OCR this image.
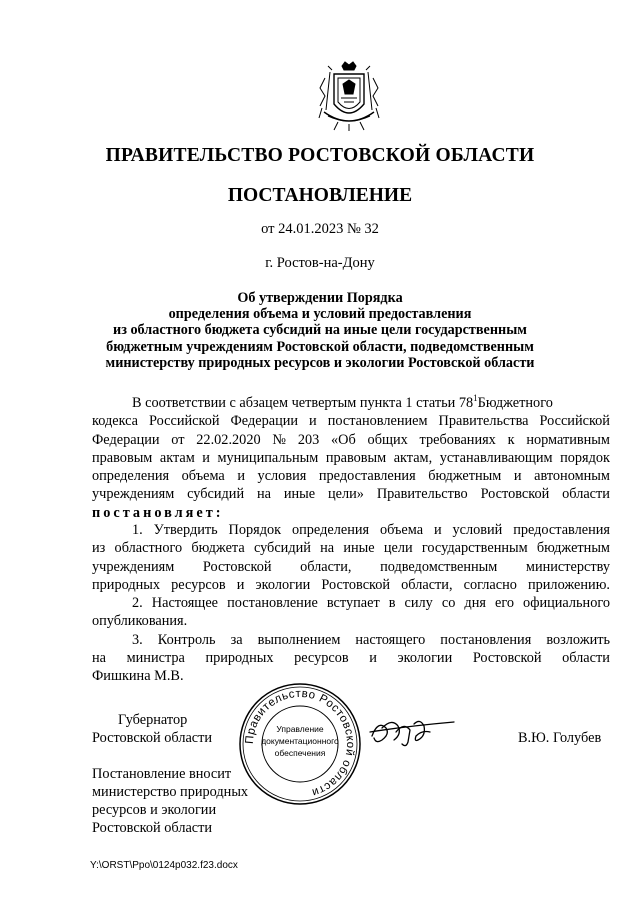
ПРАВИТЕЛЬСТВО РОСТОВСКОЙ ОБЛАСТИ
ПОСТАНОВЛЕНИЕ
от 24.01.2023 № 32
г. Ростов-на-Дону
Об утверждении Порядка
определения объема и условий предоставления
из областного бюджета субсидий на иные цели государственным
бюджетным учреждениям Ростовской области, подведомственным
министерству природных ресурсов и экологии Ростовской области
В соответствии с абзацем четвертым пункта 1 статьи 781Бюджетного
кодекса Российской Федерации и постановлением Правительства Российской
Федерации от 22.02.2020 № 203 «Об общих требованиях к нормативным
правовым актам и муниципальным правовым актам, устанавливающим порядок
определения объема и условия предоставления бюджетным и автономным
учреждениям субсидий на иные цели» Правительство Ростовской области
постановляет:
1. Утвердить Порядок определения объема и условий предоставления
из областного бюджета субсидий на иные цели государственным бюджетным
учреждениям Ростовской области, подведомственным министерству
природных ресурсов и экологии Ростовской области, согласно приложению.
2. Настоящее постановление вступает в силу со дня его официального
опубликования.
3. Контроль за выполнением настоящего постановления возложить
на министра природных ресурсов и экологии Ростовской области
Фишкина М.В.
Губернатор
Ростовской области	В.Ю. Голубев
Правительство Ростовской области
Управление
документационного
обеспечения
Постановление вносит
министерство природных
ресурсов и экологии
Ростовской области
Y:\ORST\Ppo\0124p032.f23.docx
